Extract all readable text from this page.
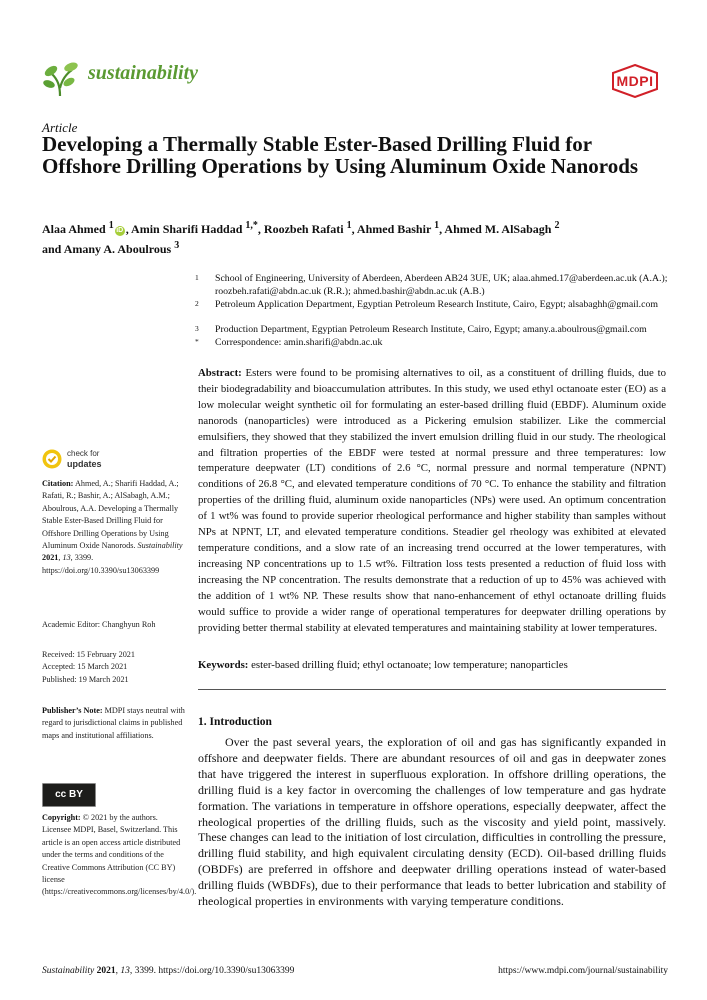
sustainability	MDPI
Article
Developing a Thermally Stable Ester-Based Drilling Fluid for Offshore Drilling Operations by Using Aluminum Oxide Nanorods
Alaa Ahmed $^1$ iD , Amin Sharifi Haddad $^{1,*}$, Roozbeh Rafati $^1$, Ahmed Bashir $^1$, Ahmed M. AlSabagh $^2$
and Amany A. Aboulrous $^3$
1 School of Engineering, University of Aberdeen, Aberdeen AB24 3UE, UK; alaa.ahmed.17@aberdeen.ac.uk (A.A.); roozbeh.rafati@abdn.ac.uk (R.R.); ahmed.bashir@abdn.ac.uk (A.B.)
2 Petroleum Application Department, Egyptian Petroleum Research Institute, Cairo, Egypt; alsabaghh@gmail.com
3 Production Department, Egyptian Petroleum Research Institute, Cairo, Egypt; amany.a.aboulrous@gmail.com
* Correspondence: amin.sharifi@abdn.ac.uk
Abstract: Esters were found to be promising alternatives to oil, as a constituent of drilling fluids, due to their biodegradability and bioaccumulation attributes. In this study, we used ethyl octanoate ester (EO) as a low molecular weight synthetic oil for formulating an ester-based drilling fluid (EBDF). Aluminum oxide nanorods (nanoparticles) were introduced as a Pickering emulsion stabilizer. Like the commercial emulsifiers, they showed that they stabilized the invert emulsion drilling fluid in our study. The rheological and filtration properties of the EBDF were tested at normal pressure and three temperatures: low temperature deepwater (LT) conditions of 2.6 °C, normal pressure and normal temperature (NPNT) conditions of 26.8 °C, and elevated temperature conditions of 70 °C. To enhance the stability and filtration properties of the drilling fluid, aluminum oxide nanoparticles (NPs) were used. An optimum concentration of 1 wt% was found to provide superior rheological performance and higher stability than samples without NPs at NPNT, LT, and elevated temperature conditions. Steadier gel rheology was exhibited at elevated temperature conditions, and a slow rate of an increasing trend occurred at the lower temperatures, with increasing NP concentrations up to 1.5 wt%. Filtration loss tests presented a reduction of fluid loss with increasing the NP concentration. The results demonstrate that a reduction of up to 45% was achieved with the addition of 1 wt% NP. These results show that nano-enhancement of ethyl octanoate drilling fluids would suffice to provide a wider range of operational temperatures for deepwater drilling operations by providing better thermal stability at elevated temperatures and maintaining stability at lower temperatures.
Keywords: ester-based drilling fluid; ethyl octanoate; low temperature; nanoparticles
1. Introduction
Over the past several years, the exploration of oil and gas has significantly expanded in offshore and deepwater fields. There are abundant resources of oil and gas in deepwater zones that have triggered the interest in superfluous exploration. In offshore drilling operations, the drilling fluid is a key factor in overcoming the challenges of low temperature and gas hydrate formation. The variations in temperature in offshore operations, especially deepwater, affect the rheological properties of the drilling fluids, such as the viscosity and yield point, massively. These changes can lead to the initiation of lost circulation, difficulties in controlling the pressure, drilling fluid stability, and high equivalent circulating density (ECD). Oil-based drilling fluids (OBDFs) are preferred in offshore and deepwater drilling operations instead of water-based drilling fluids (WBDFs), due to their performance that leads to better lubrication and stability of rheological properties in environments with varying temperature conditions.
check for
updates
Citation: Ahmed, A.; Sharifi Haddad, A.; Rafati, R.; Bashir, A.; AlSabagh, A.M.; Aboulrous, A.A. Developing a Thermally Stable Ester-Based Drilling Fluid for Offshore Drilling Operations by Using Aluminum Oxide Nanorods. Sustainability 2021, 13, 3399. https://doi.org/10.3390/su13063399
Academic Editor: Changhyun Roh
Received: 15 February 2021
Accepted: 15 March 2021
Published: 19 March 2021
Publisher’s Note: MDPI stays neutral with regard to jurisdictional claims in published maps and institutional affiliations.
cc BY
Copyright: © 2021 by the authors. Licensee MDPI, Basel, Switzerland. This article is an open access article distributed under the terms and conditions of the Creative Commons Attribution (CC BY) license (https://creativecommons.org/licenses/by/4.0/).
Sustainability 2021, 13, 3399. https://doi.org/10.3390/su13063399	https://www.mdpi.com/journal/sustainability
